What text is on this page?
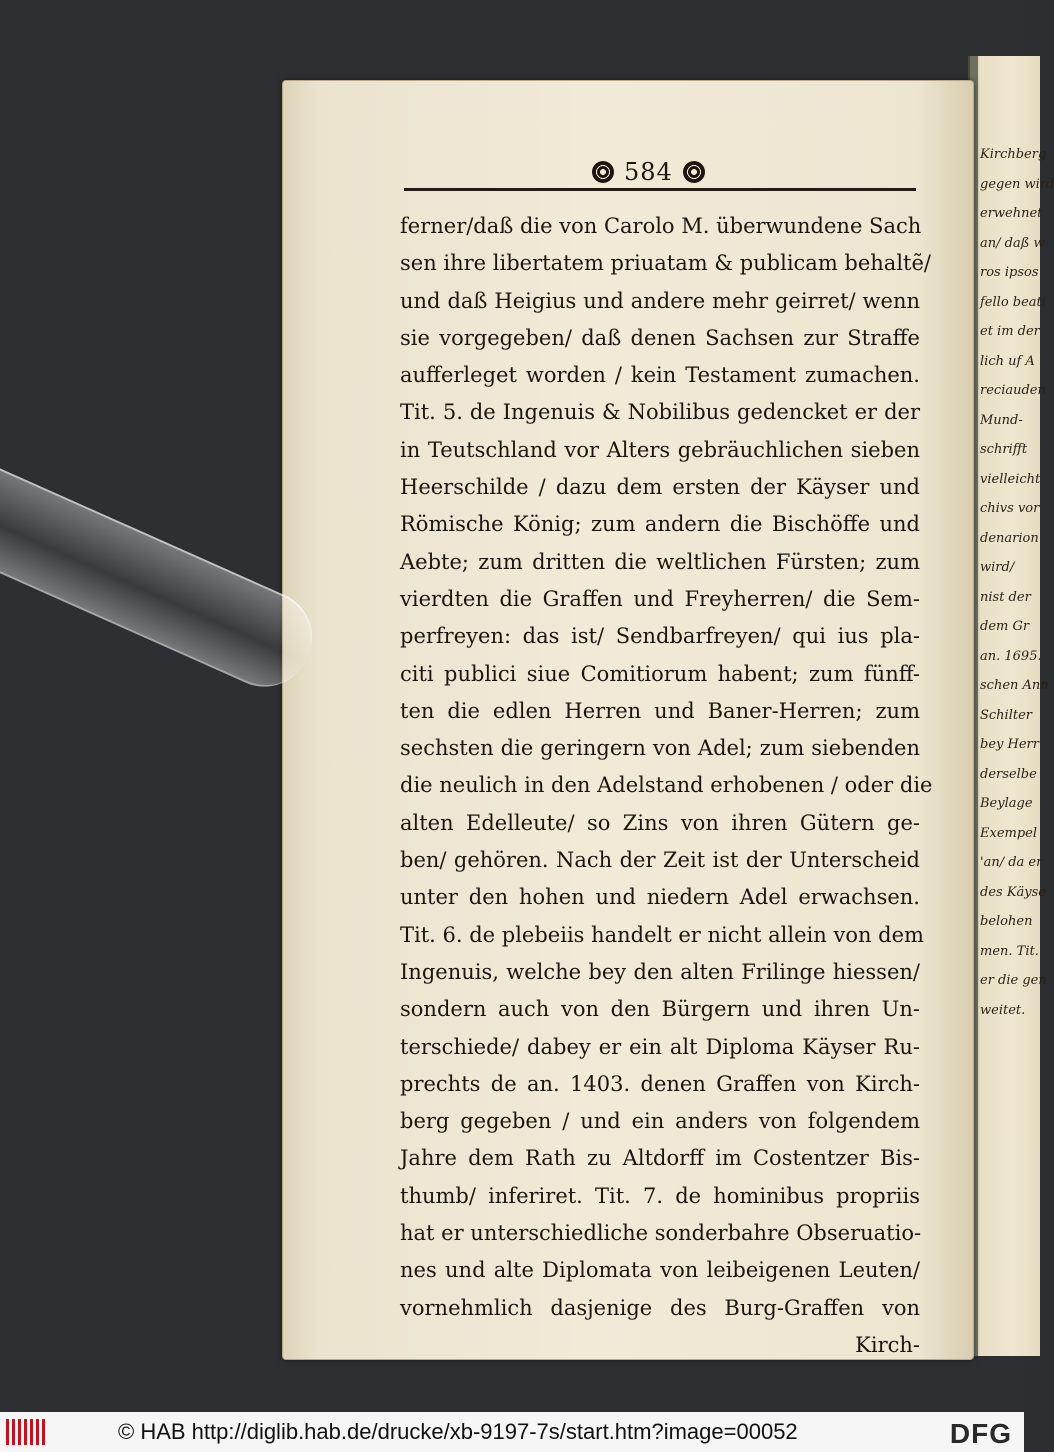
Kirchberg
gegen wird
erwehnet
an/ daß w
ros ipsos
fello beati
et im der
lich uf A
reciauden
Mund-
schrifft
vielleicht
chivs vor
denarion
wird/
nist der
dem Gr
an. 1695.
schen Ann
Schilter
bey Herr
derselbe
Beylage
Exempel
'an/ da er
des Käyse
belohen
men. Tit.
er die gen
weitet.
584
ferner/daß die von Carolo M. überwundene Sach
sen ihre libertatem priuatam & publicam behaltẽ/
und daß Heigius und andere mehr geirret/ wenn
sie vorgegeben/ daß denen Sachsen zur Straffe
aufferleget worden / kein Testament zumachen.
Tit. 5. de Ingenuis & Nobilibus gedencket er der
in Teutschland vor Alters gebräuchlichen sieben
Heerschilde / dazu dem ersten der Käyser und
Römische König; zum andern die Bischöffe und
Aebte; zum dritten die weltlichen Fürsten; zum
vierdten die Graffen und Freyherren/ die Sem-
perfreyen: das ist/ Sendbarfreyen/ qui ius pla-
citi publici siue Comitiorum habent; zum fünff-
ten die edlen Herren und Baner-Herren; zum
sechsten die geringern von Adel; zum siebenden
die neulich in den Adelstand erhobenen / oder die
alten Edelleute/ so Zins von ihren Gütern ge-
ben/ gehören. Nach der Zeit ist der Unterscheid
unter den hohen und niedern Adel erwachsen.
Tit. 6. de plebeiis handelt er nicht allein von dem
Ingenuis, welche bey den alten Frilinge hiessen/
sondern auch von den Bürgern und ihren Un-
terschiede/ dabey er ein alt Diploma Käyser Ru-
prechts de an. 1403. denen Graffen von Kirch-
berg gegeben / und ein anders von folgendem
Jahre dem Rath zu Altdorff im Costentzer Bis-
thumb/ inferiret. Tit. 7. de hominibus propriis
hat er unterschiedliche sonderbahre Obseruatio-
nes und alte Diplomata von leibeigenen Leuten/
vornehmlich dasjenige des Burg-Graffen von
Kirch-
© HAB http://diglib.hab.de/drucke/xb-9197-7s/start.htm?image=00052	DFG
